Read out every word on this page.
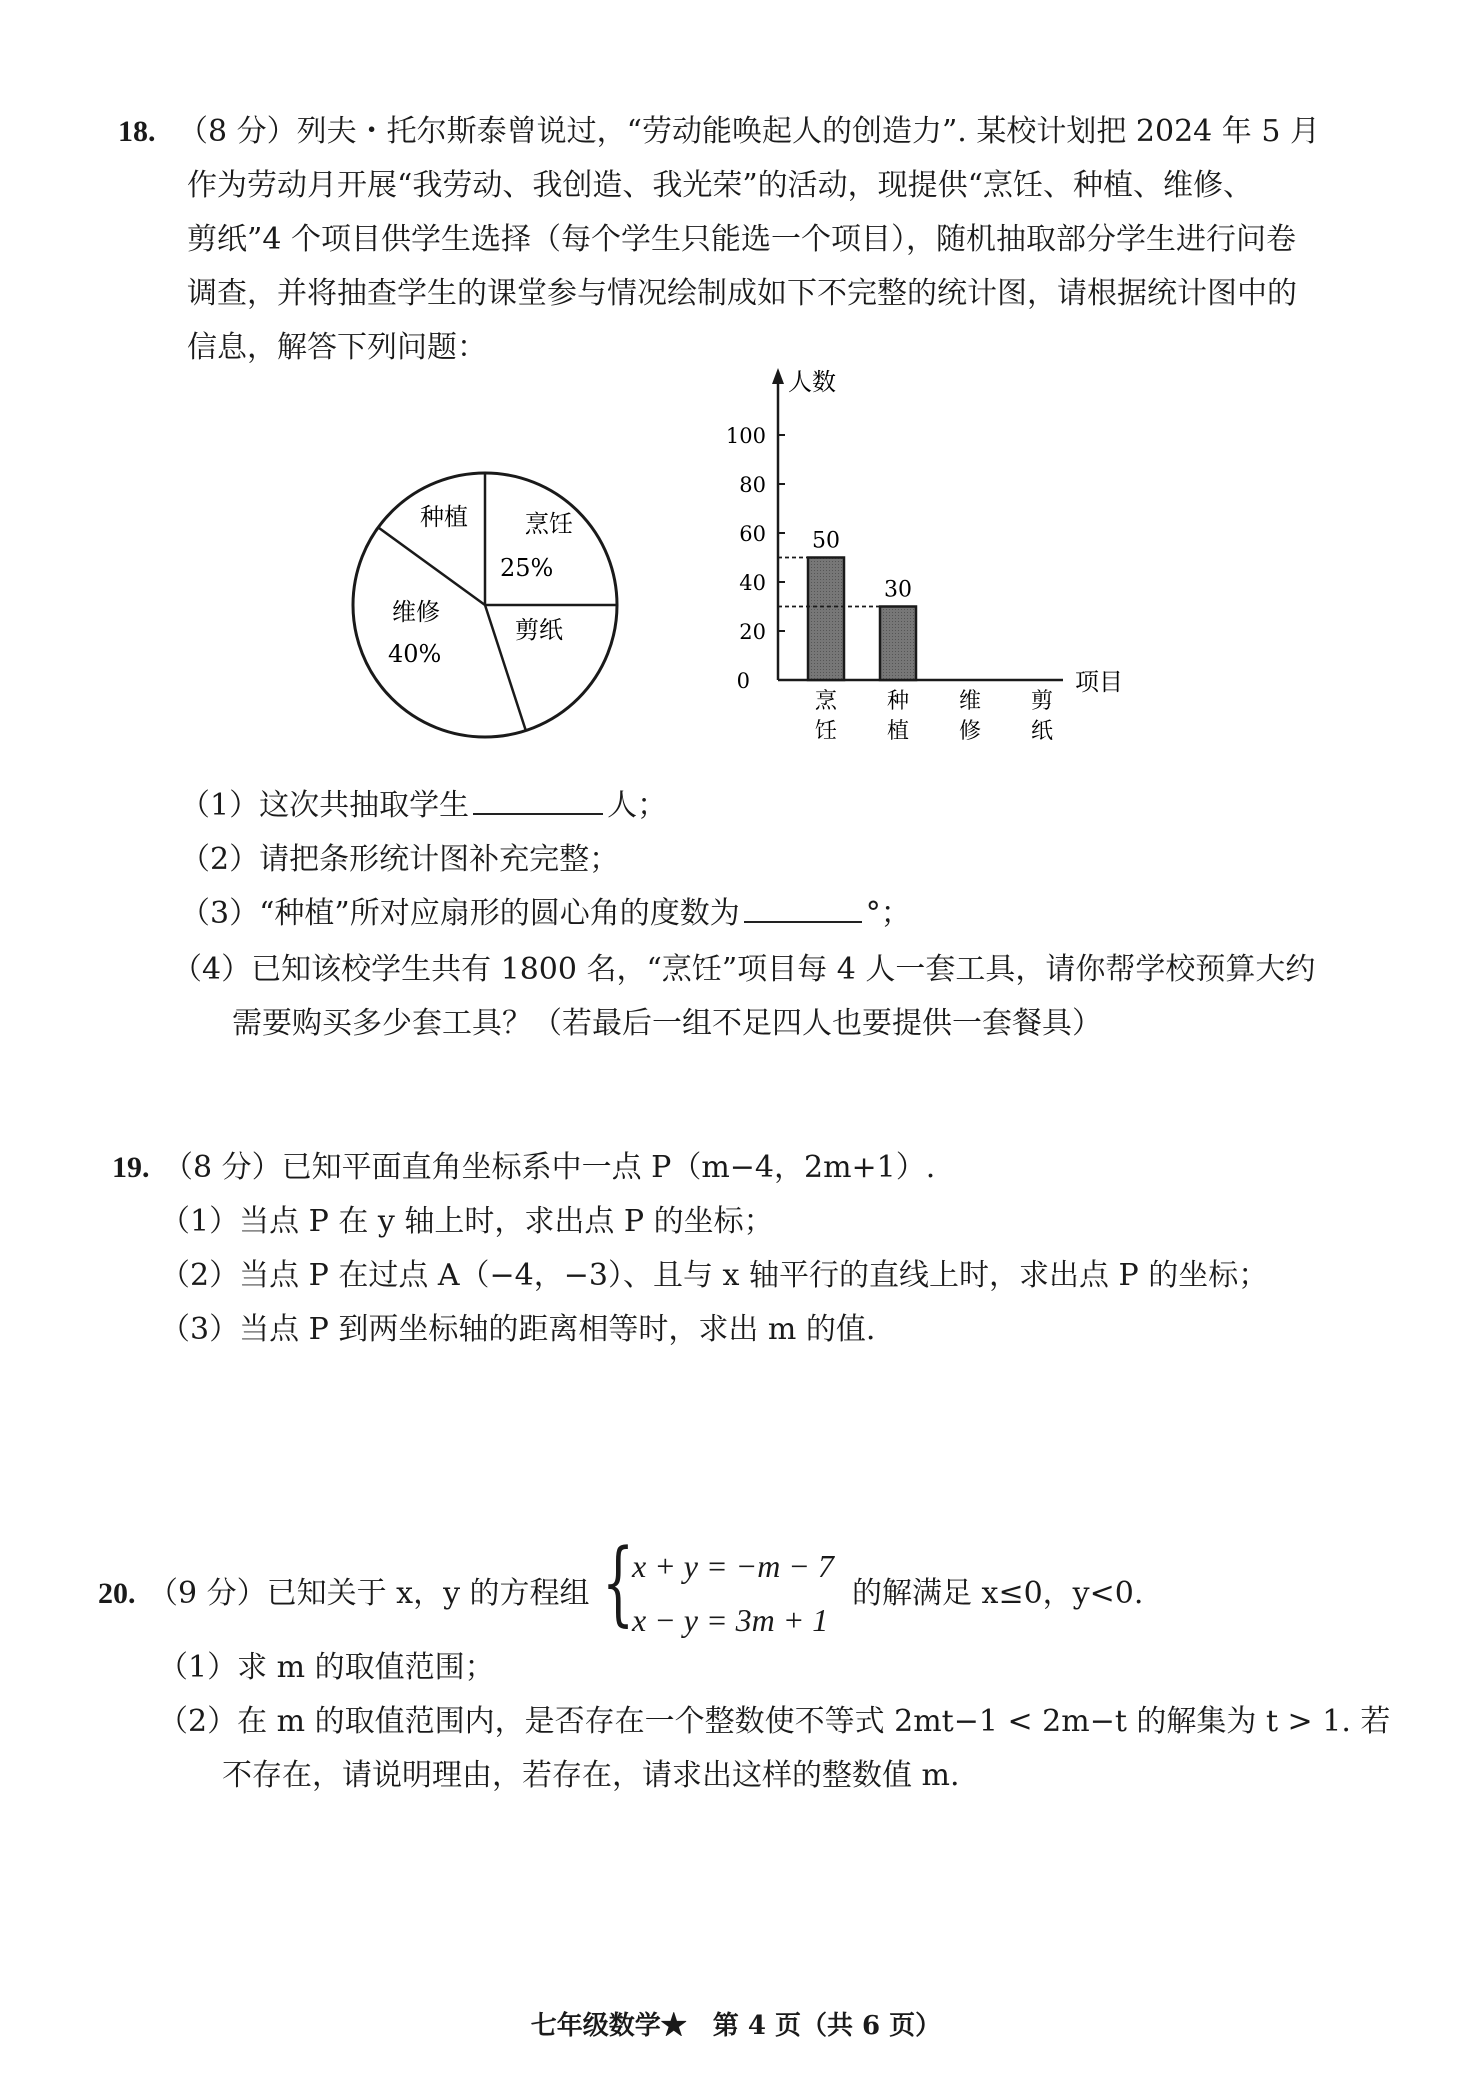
18. （8 分）列夫・托尔斯泰曾说过，“劳动能唤起人的创造力”. 某校计划把 2024 年 5 月
作为劳动月开展“我劳动、我创造、我光荣”的活动，现提供“烹饪、种植、维修、
剪纸”4 个项目供学生选择（每个学生只能选一个项目），随机抽取部分学生进行问卷
调查，并将抽查学生的课堂参与情况绘制成如下不完整的统计图，请根据统计图中的
信息，解答下列问题：
烹饪
25%
剪纸
维修
40%
种植
人数
项目
0
20
40
60
80
100
50
30
烹
饪
种
植
维
修
剪
纸
（1）这次共抽取学生	人；
（2）请把条形统计图补充完整；
（3）“种植”所对应扇形的圆心角的度数为	°；
（4）已知该校学生共有 1800 名，“烹饪”项目每 4 人一套工具，请你帮学校预算大约
需要购买多少套工具？（若最后一组不足四人也要提供一套餐具）
19. （8 分）已知平面直角坐标系中一点 P（m−4，2m+1）.
（1）当点 P 在 y 轴上时，求出点 P 的坐标；
（2）当点 P 在过点 A（−4，−3）、且与 x 轴平行的直线上时，求出点 P 的坐标；
（3）当点 P 到两坐标轴的距离相等时，求出 m 的值.
20. （9 分）已知关于 x，y 的方程组 {
x + y = −m − 7
x − y = 3m + 1
的解满足 x≤0，y<0.
（1）求 m 的取值范围；
（2）在 m 的取值范围内，是否存在一个整数使不等式 2mt−1 < 2m−t 的解集为 t > 1. 若
不存在，请说明理由，若存在，请求出这样的整数值 m.
七年级数学★　第 4 页（共 6 页）
